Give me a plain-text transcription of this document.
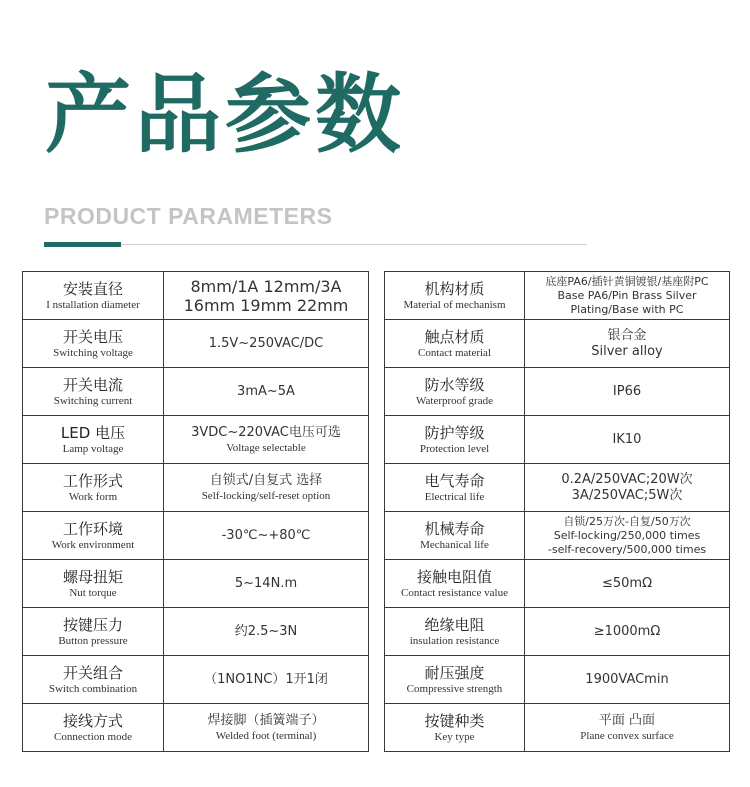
产品参数
PRODUCT PARAMETERS
安装直径
I nstallation diameter	8mm/1A 12mm/3A
16mm 19mm 22mm

开关电压
Switching voltage	1.5V~250VAC/DC

开关电流
Switching current	3mA~5A

LED 电压
Lamp voltage	3VDC~220VAC电压可选
Voltage selectable

工作形式
Work form	自锁式/自复式 选择
Self-locking/self-reset option

工作环境
Work environment	-30℃~+80℃

螺母扭矩
Nut torque	5~14N.m

按键压力
Button pressure	约2.5~3N

开关组合
Switch combination	（1NO1NC）1开1闭

接线方式
Connection mode	焊接脚（插簧端子）
Welded foot (terminal)
机构材质
Material of mechanism	底座PA6/插针黄铜镀银/基座附PC
Base PA6/Pin Brass Silver
Plating/Base with PC

触点材质
Contact material	银合金
Silver alloy

防水等级
Waterproof grade	IP66

防护等级
Protection level	IK10

电气寿命
Electrical life	0.2A/250VAC;20W次
3A/250VAC;5W次

机械寿命
Mechanical life	自锁/25万次-自复/50万次
Self-locking/250,000 times
-self-recovery/500,000 times

接触电阻值
Contact resistance value	≤50mΩ

绝缘电阻
insulation resistance	≥1000mΩ

耐压强度
Compressive strength	1900VACmin

按键种类
Key type	平面 凸面
Plane convex surface
